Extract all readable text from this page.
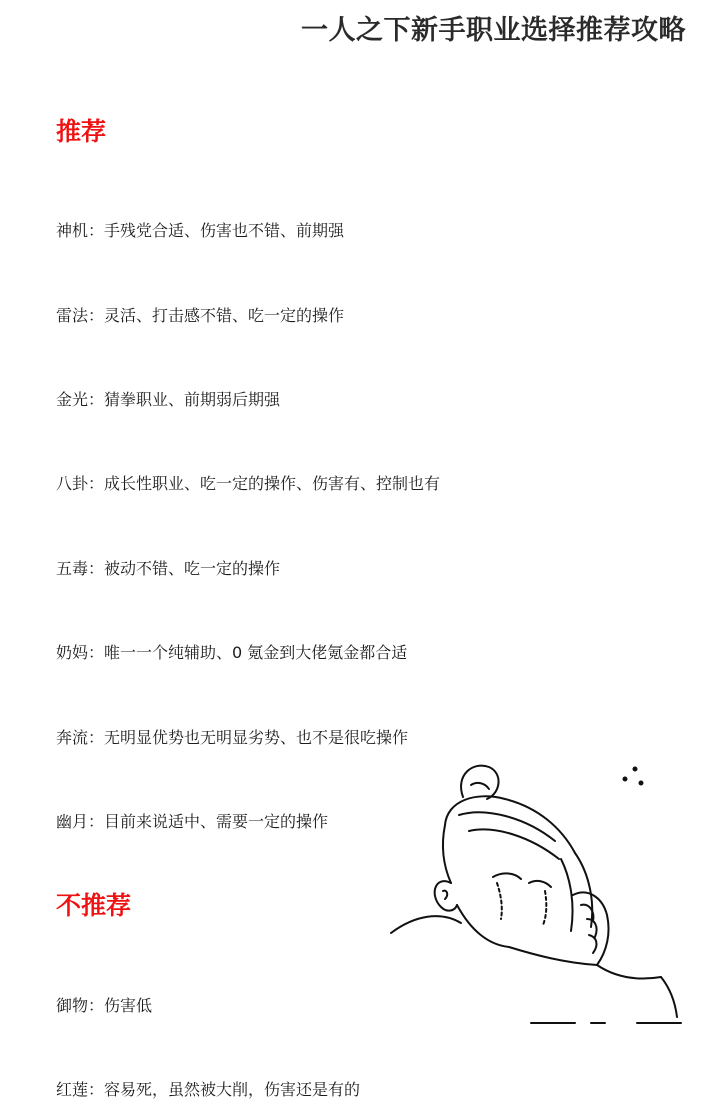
一人之下新手职业选择推荐攻略
推荐
神机：手残党合适、伤害也不错、前期强
雷法：灵活、打击感不错、吃一定的操作
金光：猜拳职业、前期弱后期强
八卦：成长性职业、吃一定的操作、伤害有、控制也有
五毒：被动不错、吃一定的操作
奶妈：唯一一个纯辅助、0 氪金到大佬氪金都合适
奔流：无明显优势也无明显劣势、也不是很吃操作
幽月：目前来说适中、需要一定的操作
不推荐
御物：伤害低
红莲：容易死，虽然被大削，伤害还是有的
